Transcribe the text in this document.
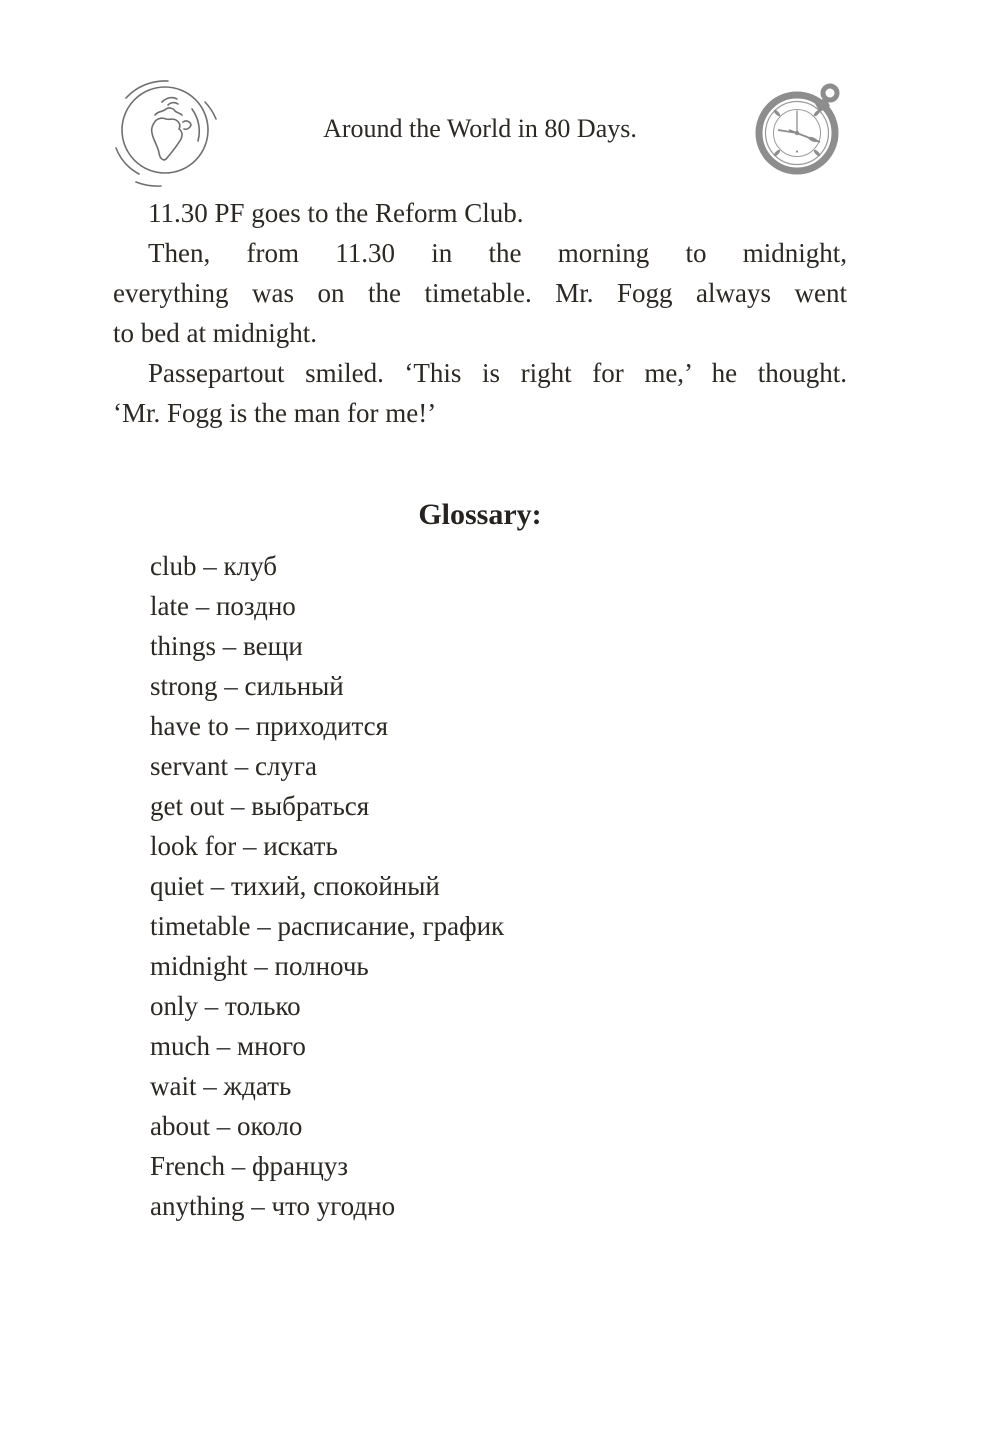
Around the World in 80 Days.
11.30 PF goes to the Reform Club.
Then, from 11.30 in the morning to midnight,
everything was on the timetable. Mr. Fogg always went
to bed at midnight.
Passepartout smiled. ‘This is right for me,’ he thought.
‘Mr. Fogg is the man for me!’
Glossary:
club – клуб
late – поздно
things – вещи
strong – сильный
have to – приходится
servant – слуга
get out – выбраться
look for – искать
quiet – тихий, спокойный
timetable – расписание, график
midnight – полночь
only – только
much – много
wait – ждать
about – около
French – француз
anything – что угодно
